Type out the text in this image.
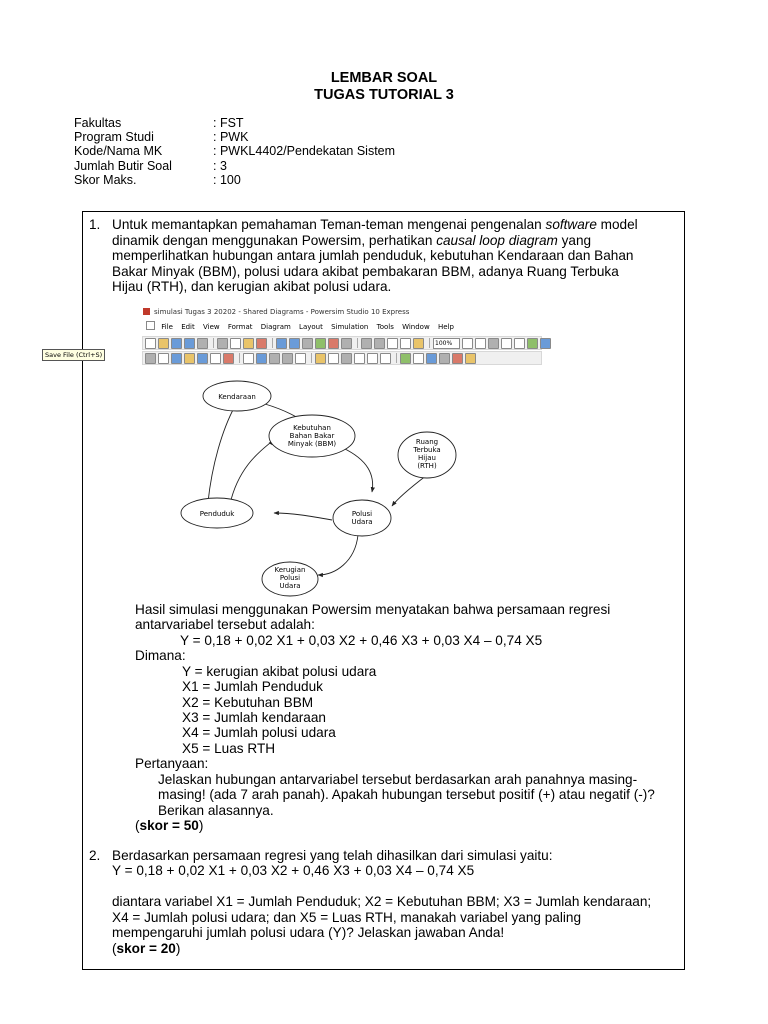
LEMBAR SOAL
TUGAS TUTORIAL 3
Fakultas	: FST
Program Studi	: PWK
Kode/Nama MK	: PWKL4402/Pendekatan Sistem
Jumlah Butir Soal	: 3
Skor Maks.	: 100
1. Untuk memantapkan pemahaman Teman-teman mengenai pengenalan software model
dinamik dengan menggunakan Powersim, perhatikan causal loop diagram yang
memperlihatkan hubungan antara jumlah penduduk, kebutuhan Kendaraan dan Bahan
Bakar Minyak (BBM), polusi udara akibat pembakaran BBM, adanya Ruang Terbuka
Hijau (RTH), dan kerugian akibat polusi udara.
simulasi Tugas 3 20202 - Shared Diagrams - Powersim Studio 10 Express
File Edit View Format Diagram Layout Simulation Tools Window Help
100%
Save File (Ctrl+S)
Kendaraan
Kebutuhan
Bahan Bakar
Minyak (BBM)	Ruang
Terbuka
Hijau
(RTH)
Penduduk	Polusi
Udara
Kerugian
Polusi
Udara
Hasil simulasi menggunakan Powersim menyatakan bahwa persamaan regresi
antarvariabel tersebut adalah:
Y = 0,18 + 0,02 X1 + 0,03 X2 + 0,46 X3 + 0,03 X4 – 0,74 X5
Dimana:
Y = kerugian akibat polusi udara
X1 = Jumlah Penduduk
X2 = Kebutuhan BBM
X3 = Jumlah kendaraan
X4 = Jumlah polusi udara
X5 = Luas RTH
Pertanyaan:
Jelaskan hubungan antarvariabel tersebut berdasarkan arah panahnya masing-
masing! (ada 7 arah panah). Apakah hubungan tersebut positif (+) atau negatif (-)?
Berikan alasannya.
(skor = 50)
2. Berdasarkan persamaan regresi yang telah dihasilkan dari simulasi yaitu:
Y = 0,18 + 0,02 X1 + 0,03 X2 + 0,46 X3 + 0,03 X4 – 0,74 X5
diantara variabel X1 = Jumlah Penduduk; X2 = Kebutuhan BBM; X3 = Jumlah kendaraan;
X4 = Jumlah polusi udara; dan X5 = Luas RTH, manakah variabel yang paling
mempengaruhi jumlah polusi udara (Y)? Jelaskan jawaban Anda!
(skor = 20)
